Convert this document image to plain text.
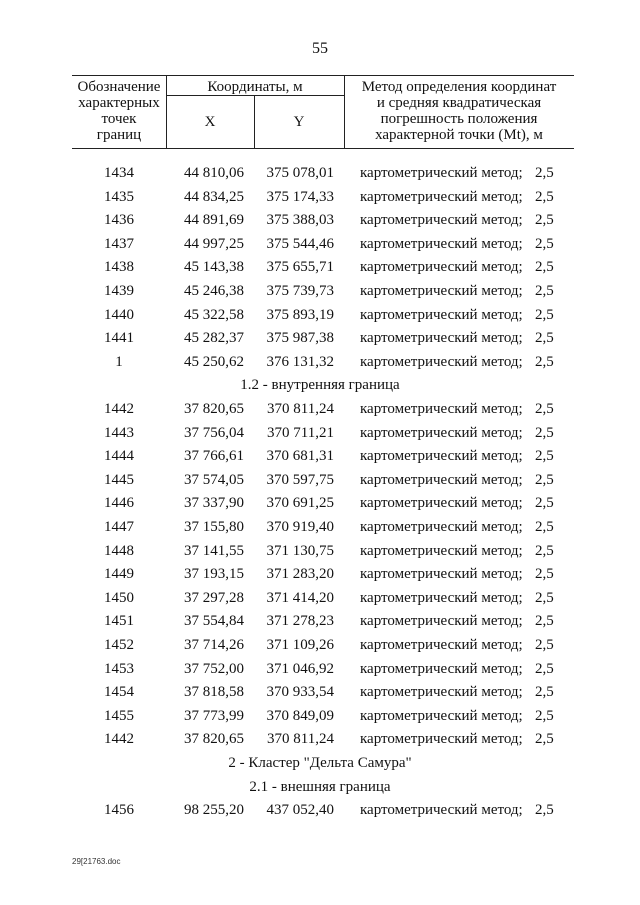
55
Обозначение
характерных
точек
границ
Координаты, м
X	Y
Метод определения координат
и средняя квадратическая
погрешность положения
характерной точки (Mt), м
1434	44 810,06	375 078,01 картометрический метод; 2,5
1435	44 834,25	375 174,33 картометрический метод; 2,5
1436	44 891,69	375 388,03 картометрический метод; 2,5
1437	44 997,25	375 544,46 картометрический метод; 2,5
1438	45 143,38	375 655,71 картометрический метод; 2,5
1439	45 246,38	375 739,73 картометрический метод; 2,5
1440	45 322,58	375 893,19 картометрический метод; 2,5
1441	45 282,37	375 987,38 картометрический метод; 2,5
1	45 250,62	376 131,32 картометрический метод; 2,5
1.2 - внутренняя граница
1442	37 820,65	370 811,24 картометрический метод; 2,5
1443	37 756,04	370 711,21 картометрический метод; 2,5
1444	37 766,61	370 681,31 картометрический метод; 2,5
1445	37 574,05	370 597,75 картометрический метод; 2,5
1446	37 337,90	370 691,25 картометрический метод; 2,5
1447	37 155,80	370 919,40 картометрический метод; 2,5
1448	37 141,55	371 130,75 картометрический метод; 2,5
1449	37 193,15	371 283,20 картометрический метод; 2,5
1450	37 297,28	371 414,20 картометрический метод; 2,5
1451	37 554,84	371 278,23 картометрический метод; 2,5
1452	37 714,26	371 109,26 картометрический метод; 2,5
1453	37 752,00	371 046,92 картометрический метод; 2,5
1454	37 818,58	370 933,54 картометрический метод; 2,5
1455	37 773,99	370 849,09 картометрический метод; 2,5
1442	37 820,65	370 811,24 картометрический метод; 2,5
2 - Кластер "Дельта Самура"
2.1 - внешняя граница
1456	98 255,20	437 052,40 картометрический метод; 2,5
29[21763.doc
